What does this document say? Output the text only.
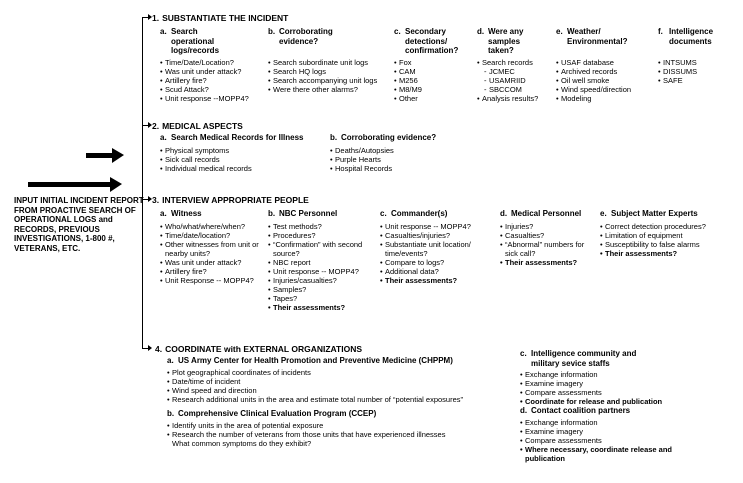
INPUT INITIAL INCIDENT REPORT FROM PROACTIVE SEARCH OF OPERATIONAL LOGS and RECORDS, PREVIOUS INVESTIGATIONS, 1-800 #, VETERANS, ETC.
1. SUBSTANTIATE THE INCIDENT
2. MEDICAL ASPECTS
3. INTERVIEW APPROPRIATE PEOPLE
4. COORDINATE with EXTERNAL ORGANIZATIONS
a. Search operational logs/records
• Time/Date/Location?
• Was unit under attack?
• Artillery fire?
• Scud Attack?
• Unit response --MOPP4?
b. Corroborating evidence?
• Search subordinate unit logs
• Search HQ logs
• Search accompanying unit logs
• Were there other alarms?
c. Secondary detections/ confirmation?
• Fox
• CAM
• M256
• M8/M9
• Other
d. Were any samples taken?
• Search records
- JCMEC
- USAMRIID
- SBCCOM
• Analysis results?
e. Weather/ Environmental?
• USAF database
• Archived records
• Oil well smoke
• Wind speed/direction
• Modeling
f. Intelligence documents
• INTSUMS
• DISSUMS
• SAFE
a. Search Medical Records for Illness
• Physical symptoms
• Sick call records
• Individual medical records
b. Corroborating evidence?
• Deaths/Autopsies
• Purple Hearts
• Hospital Records
a. Witness
• Who/what/where/when?
• Time/date/location?
• Other witnesses from unit or nearby units?
• Was unit under attack?
• Artillery fire?
• Unit Response -- MOPP4?
b. NBC Personnel
• Test methods?
• Procedures?
• “Confirmation” with second source?
• NBC report
• Unit response -- MOPP4?
• Injuries/casualties?
• Samples?
• Tapes?
• Their assessments?
c. Commander(s)
• Unit response -- MOPP4?
• Casualties/injuries?
• Substantiate unit location/ time/events?
• Compare to logs?
• Additional data?
• Their assessments?
d. Medical Personnel
• Injuries?
• Casualties?
• “Abnormal” numbers for sick call?
• Their assessments?
e. Subject Matter Experts
• Correct detection procedures?
• Limitation of equipment
• Susceptibility to false alarms
• Their assessments?
a. US Army Center for Health Promotion and Preventive Medicine (CHPPM)
• Plot geographical coordinates of incidents
• Date/time of incident
• Wind speed and direction
• Research additional units in the area and estimate total number of “potential exposures”
b. Comprehensive Clinical Evaluation Program (CCEP)
• Identify units in the area of potential exposure
• Research the number of veterans from those units that have experienced illnesses
What common symptoms do they exhibit?
c. Intelligence community and military sevice staffs
• Exchange information
• Examine imagery
• Compare assessments
• Coordinate for release and publication
d. Contact coalition partners
• Exchange information
• Examine imagery
• Compare assessments
• Where necessary, coordinate release and publication
